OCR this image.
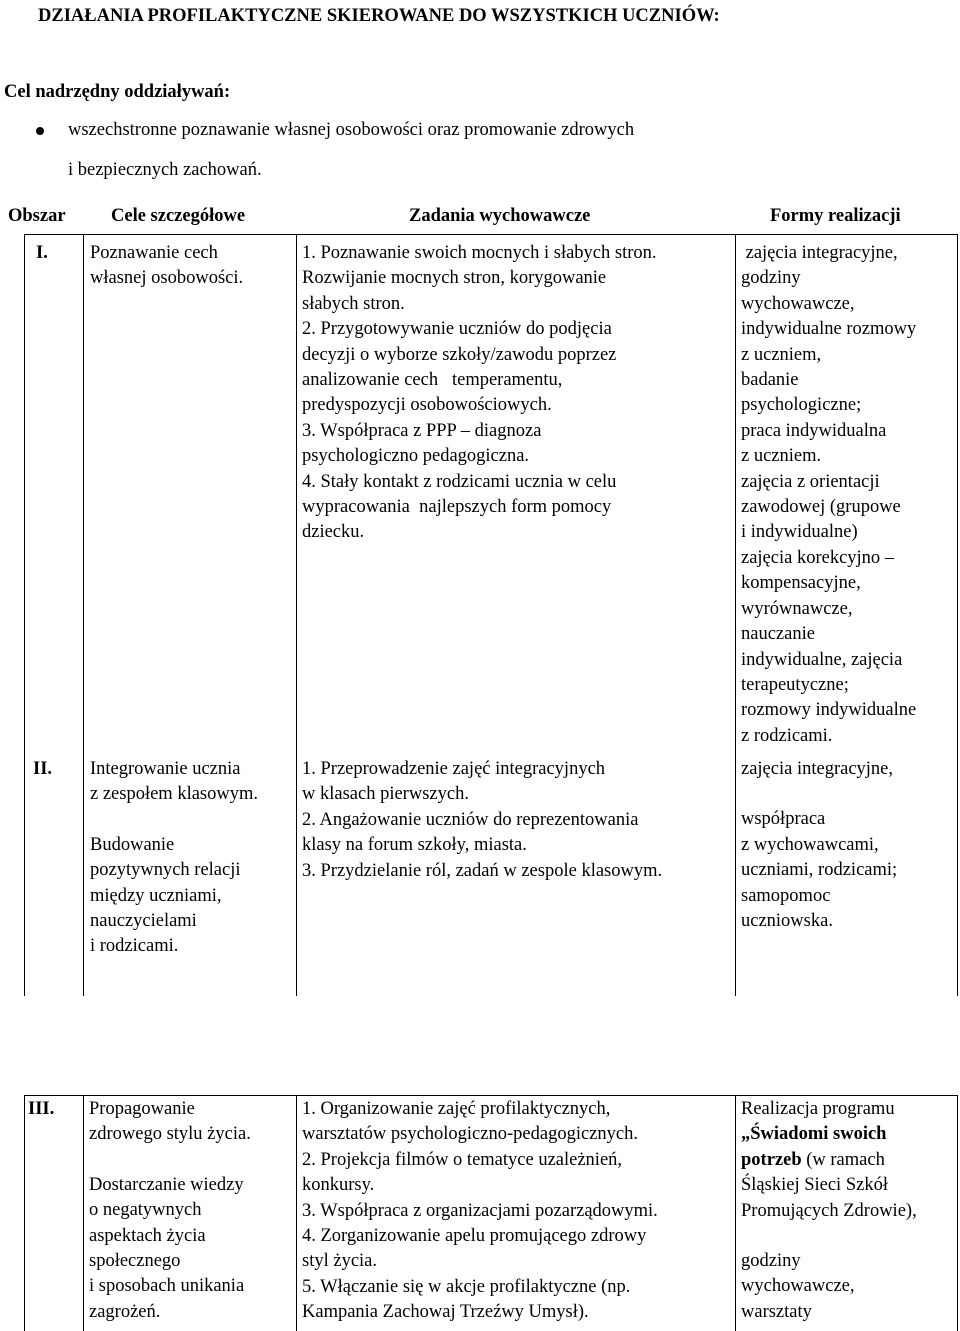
DZIAŁANIA PROFILAKTYCZNE SKIEROWANE DO WSZYSTKICH UCZNIÓW:
Cel nadrzędny oddziaływań:
wszechstronne poznawanie własnej osobowości oraz promowanie zdrowych
i bezpiecznych zachowań.
Obszar Cele szczegółowe	Zadania wychowawcze	Formy realizacji
I. Poznawanie cech
własnej osobowości.
1. Poznawanie swoich mocnych i słabych stron.
Rozwijanie mocnych stron, korygowanie
słabych stron.
2. Przygotowywanie uczniów do podjęcia
decyzji o wyborze szkoły/zawodu poprzez
analizowanie cech   temperamentu,
predyspozycji osobowościowych.
3. Współpraca z PPP – diagnoza
psychologiczno pedagogiczna.
4. Stały kontakt z rodzicami ucznia w celu
wypracowania  najlepszych form pomocy
dziecku.
zajęcia integracyjne,
godziny
wychowawcze,
indywidualne rozmowy
z uczniem,
badanie
psychologiczne;
praca indywidualna
z uczniem.
zajęcia z orientacji
zawodowej (grupowe
i indywidualne)
zajęcia korekcyjno –
kompensacyjne,
wyrównawcze,
nauczanie
indywidualne, zajęcia
terapeutyczne;
rozmowy indywidualne
z rodzicami.
II. Integrowanie ucznia
z zespołem klasowym.
Budowanie
pozytywnych relacji
między uczniami,
nauczycielami
i rodzicami.
1. Przeprowadzenie zajęć integracyjnych
w klasach pierwszych.
2. Angażowanie uczniów do reprezentowania
klasy na forum szkoły, miasta.
3. Przydzielanie ról, zadań w zespole klasowym.
zajęcia integracyjne,
współpraca
z wychowawcami,
uczniami, rodzicami;
samopomoc
uczniowska.
III. Propagowanie
zdrowego stylu życia.
Dostarczanie wiedzy
o negatywnych
aspektach życia
społecznego
i sposobach unikania
zagrożeń.
1. Organizowanie zajęć profilaktycznych,
warsztatów psychologiczno-pedagogicznych.
2. Projekcja filmów o tematyce uzależnień,
konkursy.
3. Współpraca z organizacjami pozarządowymi.
4. Zorganizowanie apelu promującego zdrowy
styl życia.
5. Włączanie się w akcje profilaktyczne (np.
Kampania Zachowaj Trzeźwy Umysł).
Realizacja programu
„Świadomi swoich
potrzeb (w ramach
Śląskiej Sieci Szkół
Promujących Zdrowie),
godziny
wychowawcze,
warsztaty
